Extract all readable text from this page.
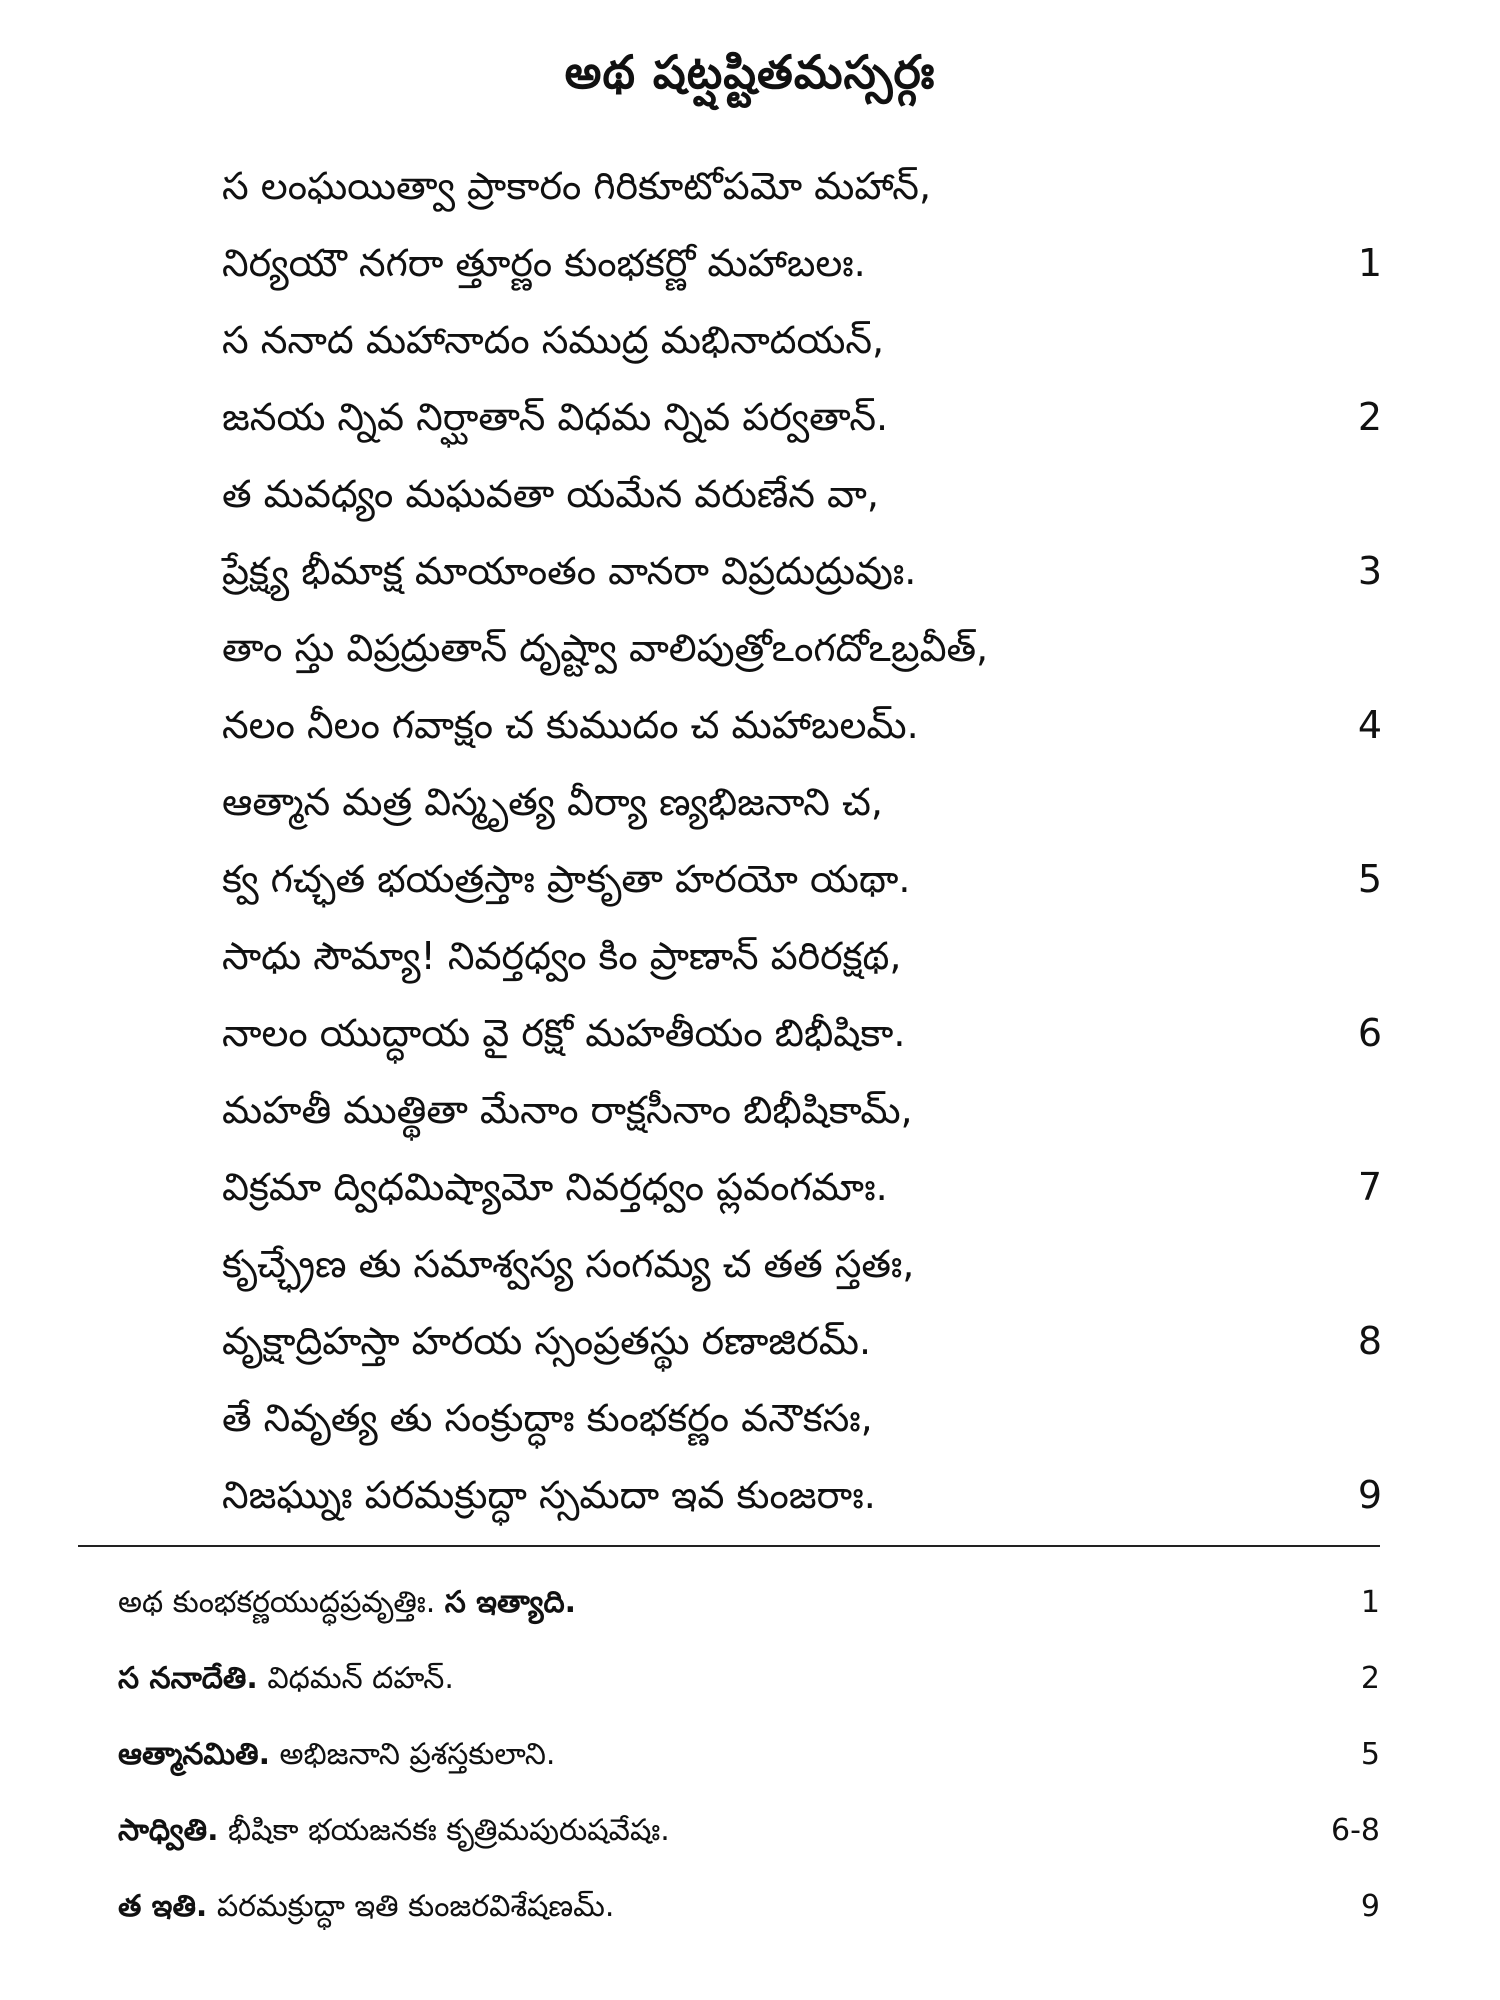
అథ షట్షష్టితమస్సర్గః
స లంఘయిత్వా ప్రాకారం గిరికూటోపమో మహాన్,
నిర్యయౌ నగరా త్తూర్ణం కుంభకర్ణో మహాబలః.	1
స ననాద మహానాదం సముద్ర మభినాదయన్,
జనయ న్నివ నిర్ఘాతాన్ విధమ న్నివ పర్వతాన్.	2
త మవధ్యం మఘవతా యమేన వరుణేన వా,
ప్రేక్ష్య భీమాక్ష మాయాంతం వానరా విప్రదుద్రువుః.	3
తాం స్తు విప్రద్రుతాన్ దృష్ట్వా వాలిపుత్రోఽంగదోఽబ్రవీత్,
నలం నీలం గవాక్షం చ కుముదం చ మహాబలమ్.	4
ఆత్మాన మత్ర విస్మృత్య వీర్యా ణ్యభిజనాని చ,
క్వ గచ్ఛత భయత్రస్తాః ప్రాకృతా హరయో యథా.	5
సాధు సౌమ్యా! నివర్తధ్వం కిం ప్రాణాన్ పరిరక్షథ,
నాలం యుద్ధాయ వై రక్షో మహతీయం బిభీషికా.	6
మహతీ ముత్థితా మేనాం రాక్షసీనాం బిభీషికామ్,
విక్రమా ద్విధమిష్యామో నివర్తధ్వం ప్లవంగమాః.	7
కృచ్ఛ్రేణ తు సమాశ్వస్య సంగమ్య చ తత స్తతః,
వృక్షాద్రిహస్తా హరయ స్సంప్రతస్థు రణాజిరమ్.	8
తే నివృత్య తు సంక్రుద్ధాః కుంభకర్ణం వనౌకసః,
నిజఘ్నుః పరమక్రుద్ధా స్సమదా ఇవ కుంజరాః.	9
అథ కుంభకర్ణయుద్ధప్రవృత్తిః. స ఇత్యాది.	1
స ననాదేతి. విధమన్ దహన్.	2
ఆత్మానమితి. అభిజనాని ప్రశస్తకులాని.	5
సాధ్వితి. భీషికా భయజనకః కృత్రిమపురుషవేషః.	6-8
త ఇతి. పరమక్రుద్ధా ఇతి కుంజరవిశేషణమ్.	9
